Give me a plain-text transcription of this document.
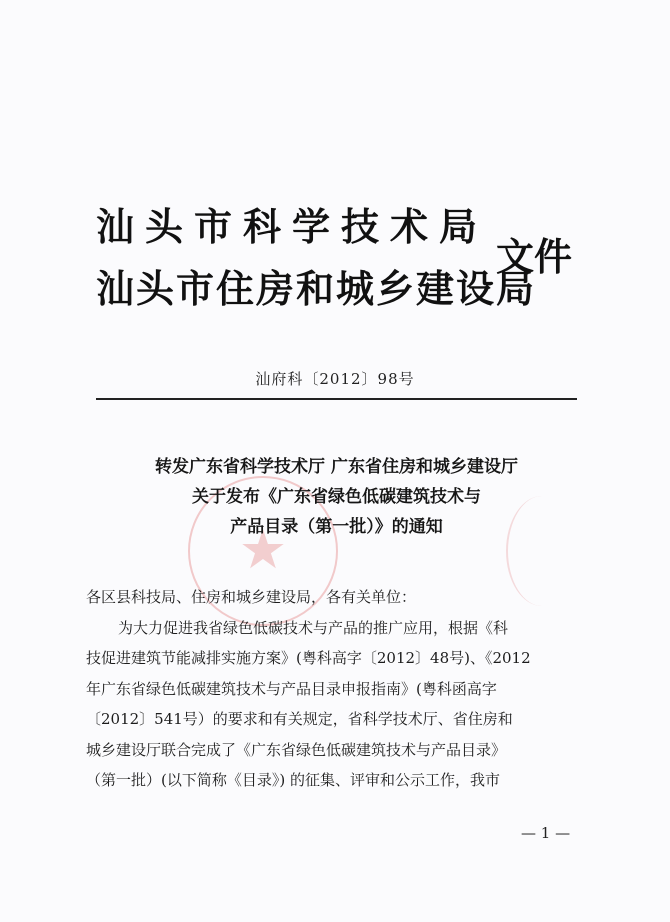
★
汕头市科学技术局
汕头市住房和城乡建设局
文件
汕府科〔2012〕98号
转发广东省科学技术厅 广东省住房和城乡建设厅
关于发布《广东省绿色低碳建筑技术与
产品目录（第一批）》的通知
各区县科技局、住房和城乡建设局，各有关单位：
为大力促进我省绿色低碳技术与产品的推广应用，根据《科
技促进建筑节能减排实施方案》(粤科高字〔2012〕48号)、《2012
年广东省绿色低碳建筑技术与产品目录申报指南》(粤科函高字
〔2012〕541号）的要求和有关规定，省科学技术厅、省住房和
城乡建设厅联合完成了《广东省绿色低碳建筑技术与产品目录》
（第一批）(以下简称《目录》) 的征集、评审和公示工作，我市
— 1 —
